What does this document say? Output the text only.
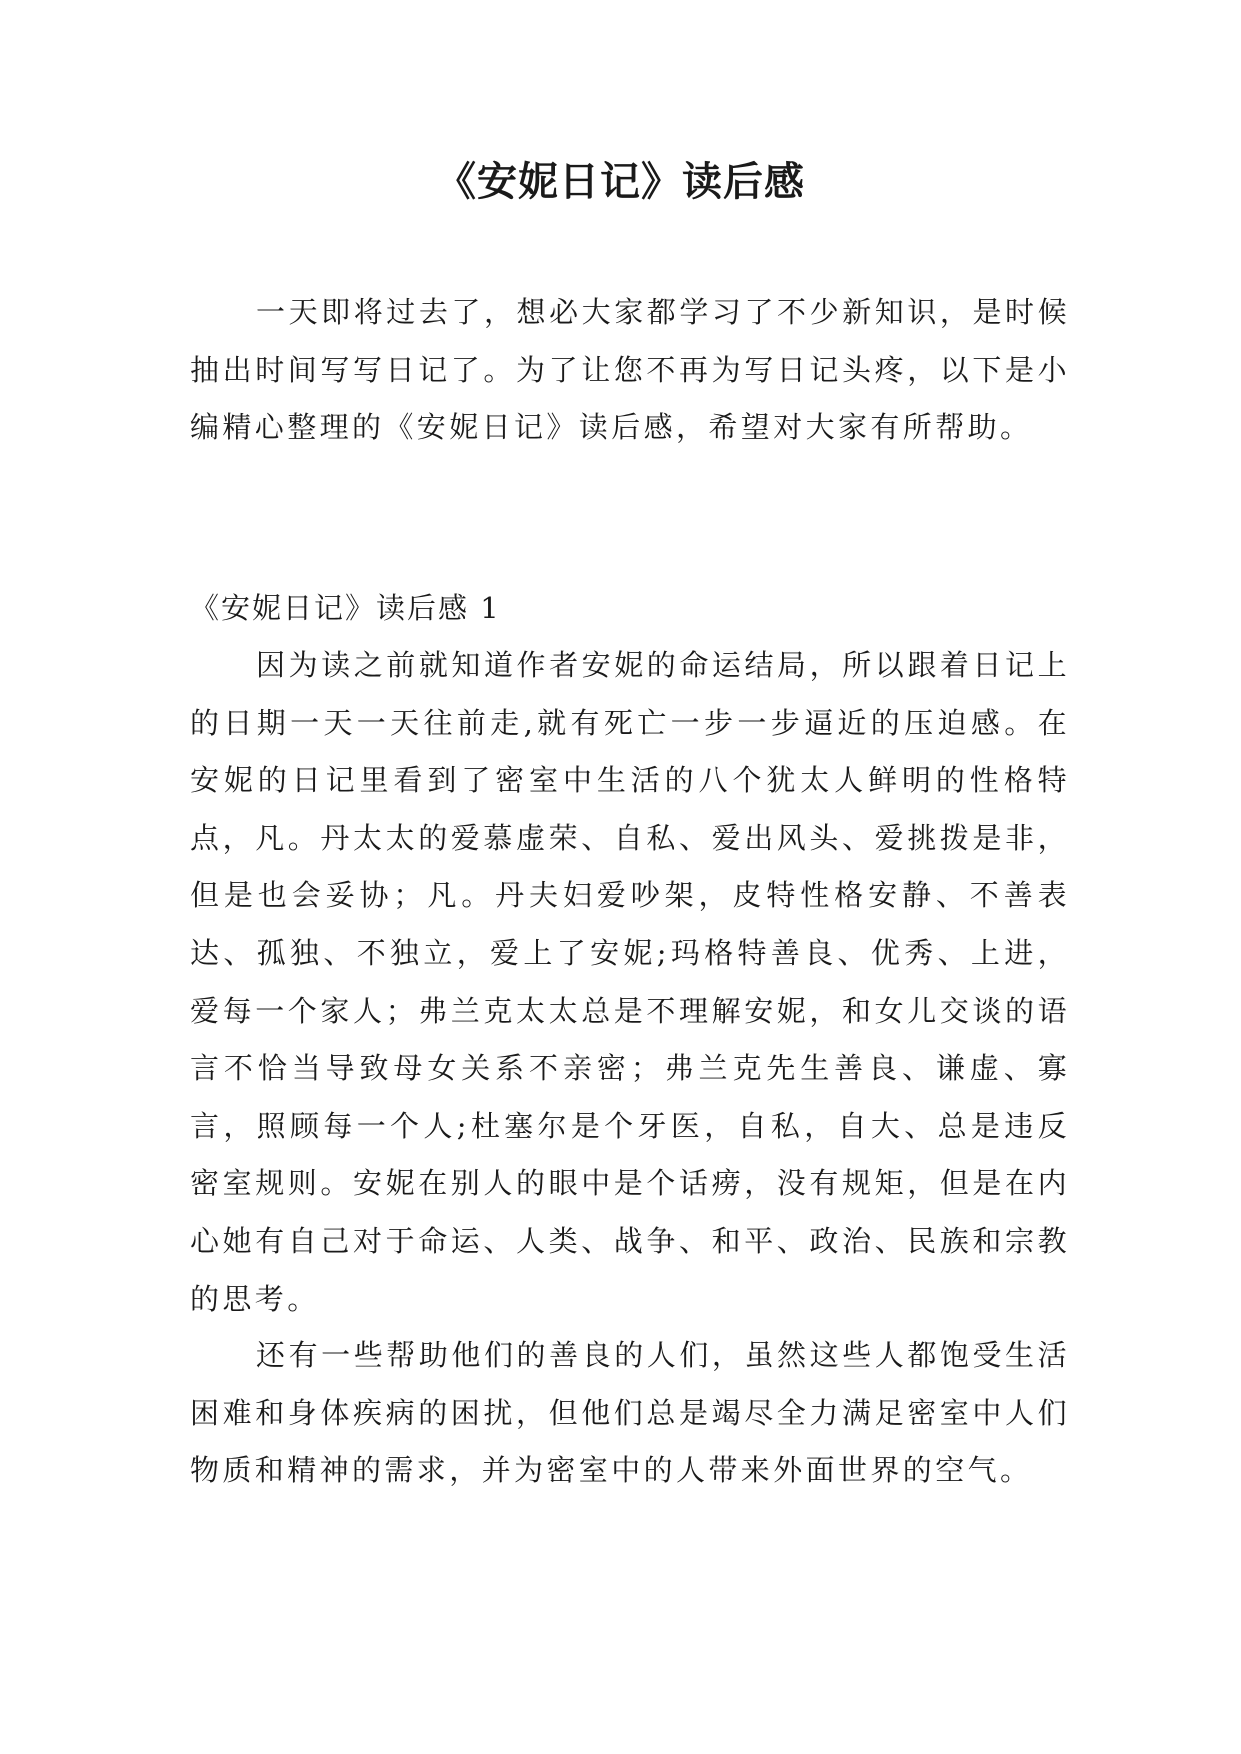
《安妮日记》读后感

一天即将过去了，想必大家都学习了不少新知识，是时候抽出时间写写日记了。为了让您不再为写日记头疼，以下是小编精心整理的《安妮日记》读后感，希望对大家有所帮助。

《安妮日记》读后感 1

因为读之前就知道作者安妮的命运结局，所以跟着日记上的日期一天一天往前走,就有死亡一步一步逼近的压迫感。在安妮的日记里看到了密室中生活的八个犹太人鲜明的性格特点，凡。丹太太的爱慕虚荣、自私、爱出风头、爱挑拨是非，但是也会妥协；凡。丹夫妇爱吵架，皮特性格安静、不善表达、孤独、不独立，爱上了安妮;玛格特善良、优秀、上进，爱每一个家人；弗兰克太太总是不理解安妮，和女儿交谈的语言不恰当导致母女关系不亲密；弗兰克先生善良、谦虚、寡言，照顾每一个人;杜塞尔是个牙医，自私，自大、总是违反密室规则。安妮在别人的眼中是个话痨，没有规矩，但是在内心她有自己对于命运、人类、战争、和平、政治、民族和宗教的思考。

还有一些帮助他们的善良的人们，虽然这些人都饱受生活困难和身体疾病的困扰，但他们总是竭尽全力满足密室中人们物质和精神的需求，并为密室中的人带来外面世界的空气。
